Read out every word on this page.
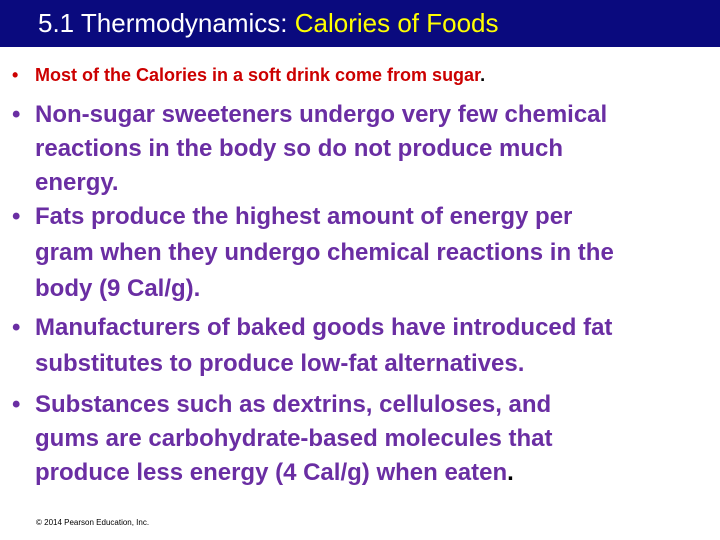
5.1 Thermodynamics: Calories of Foods
• Most of the Calories in a soft drink come from sugar.
• Non-sugar sweeteners undergo very few chemical
reactions in the body so do not produce much
energy.
• Fats produce the highest amount of energy per
gram when they undergo chemical reactions in the
body (9 Cal/g).
• Manufacturers of baked goods have introduced fat
substitutes to produce low-fat alternatives.
• Substances such as dextrins, celluloses, and
gums are carbohydrate-based molecules that
produce less energy (4 Cal/g) when eaten.
© 2014 Pearson Education, Inc.
